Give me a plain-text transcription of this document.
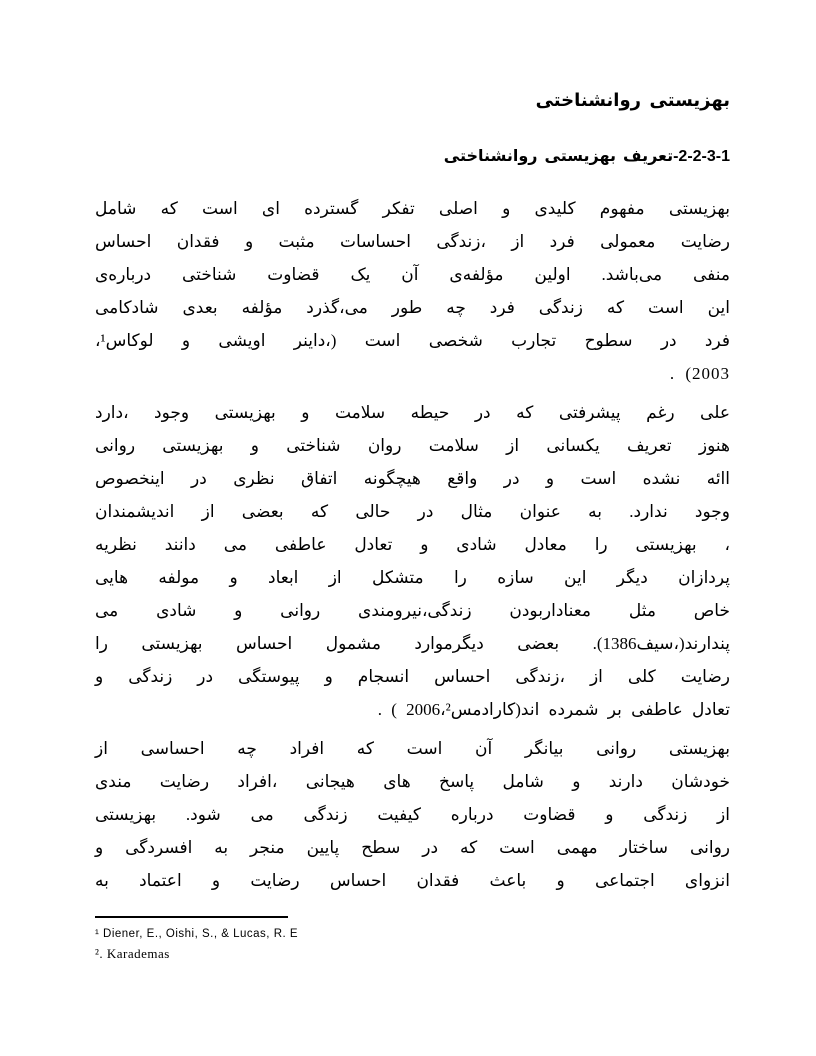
بهزیستی روانشناختی
1-3-2-2-تعریف بهزیستی روانشناختی
بهزیستی مفهوم کلیدی و اصلی تفکر گسترده ای است که شامل
رضایت معمولی فرد از ،زندگی احساسات مثبت و فقدان احساس
منفی می‌باشد. اولین مؤلفه‌ی آن یک قضاوت شناختی درباره‌ی
این است که زندگی فرد چه طور می،گذرد مؤلفه بعدی شادکامی
فرد در سطوح تجارب شخصی است (،داینر اویشی و لوکاس¹،
2003) .
علی رغم پیشرفتی که در حیطه سلامت و بهزیستی وجود ،دارد
هنوز تعریف یکسانی از سلامت روان شناختی و بهزیستی روانی
اائه نشده است و در واقع هیچگونه اتفاق نظری در اینخصوص
وجود ندارد. به عنوان مثال در حالی که بعضی از اندیشمندان
، بهزیستی را معادل شادی و تعادل عاطفی می دانند نظریه
پردازان دیگر این سازه را متشکل از ابعاد و مولفه هایی
خاص مثل معناداربودن زندگی،نیرومندی روانی و شادی می
پندارند(،سیف1386). بعضی دیگرموارد مشمول احساس بهزیستی را
رضایت کلی از ،زندگی احساس انسجام و پیوستگی در زندگی و
تعادل عاطفی بر شمرده اند(کارادمس2006،² ) .
بهزیستی روانی بیانگر آن است که افراد چه احساسی از
خودشان دارند و شامل پاسخ های هیجانی ،افراد رضایت مندی
از زندگی و قضاوت درباره کیفیت زندگی می شود. بهزیستی
روانی ساختار مهمی است که در سطح پایین منجر به افسردگی و
انزوای اجتماعی و باعث فقدان احساس رضایت و اعتماد به
¹ Diener, E., Oishi, S., & Lucas, R. E
². Karademas
